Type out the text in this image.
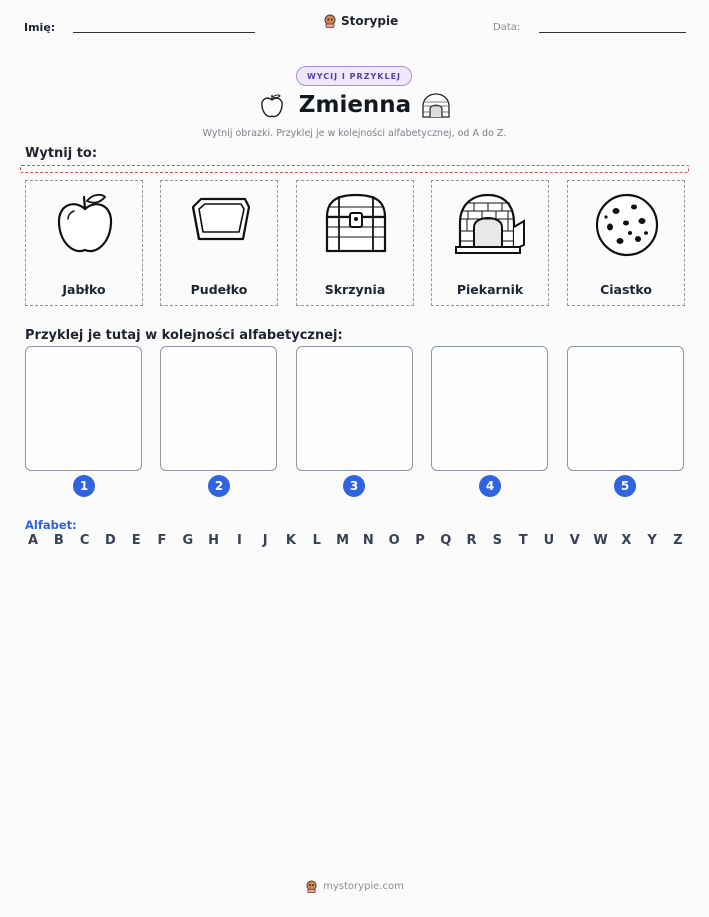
Imię:	Storypie	Data:
WYCIJ I PRZYKLEJ
Zmienna
Wytnij obrazki. Przyklej je w kolejności alfabetycznej, od A do Z.
Wytnij to:
Jabłko	Pudełko	Skrzynia	Piekarnik	Ciastko
Przyklej je tutaj w kolejności alfabetycznej:
1	2	3	4	5
Alfabet:
A B C D E F G H	I	J	K L M N O P Q R S T U V W X Y Z
mystorypie.com
